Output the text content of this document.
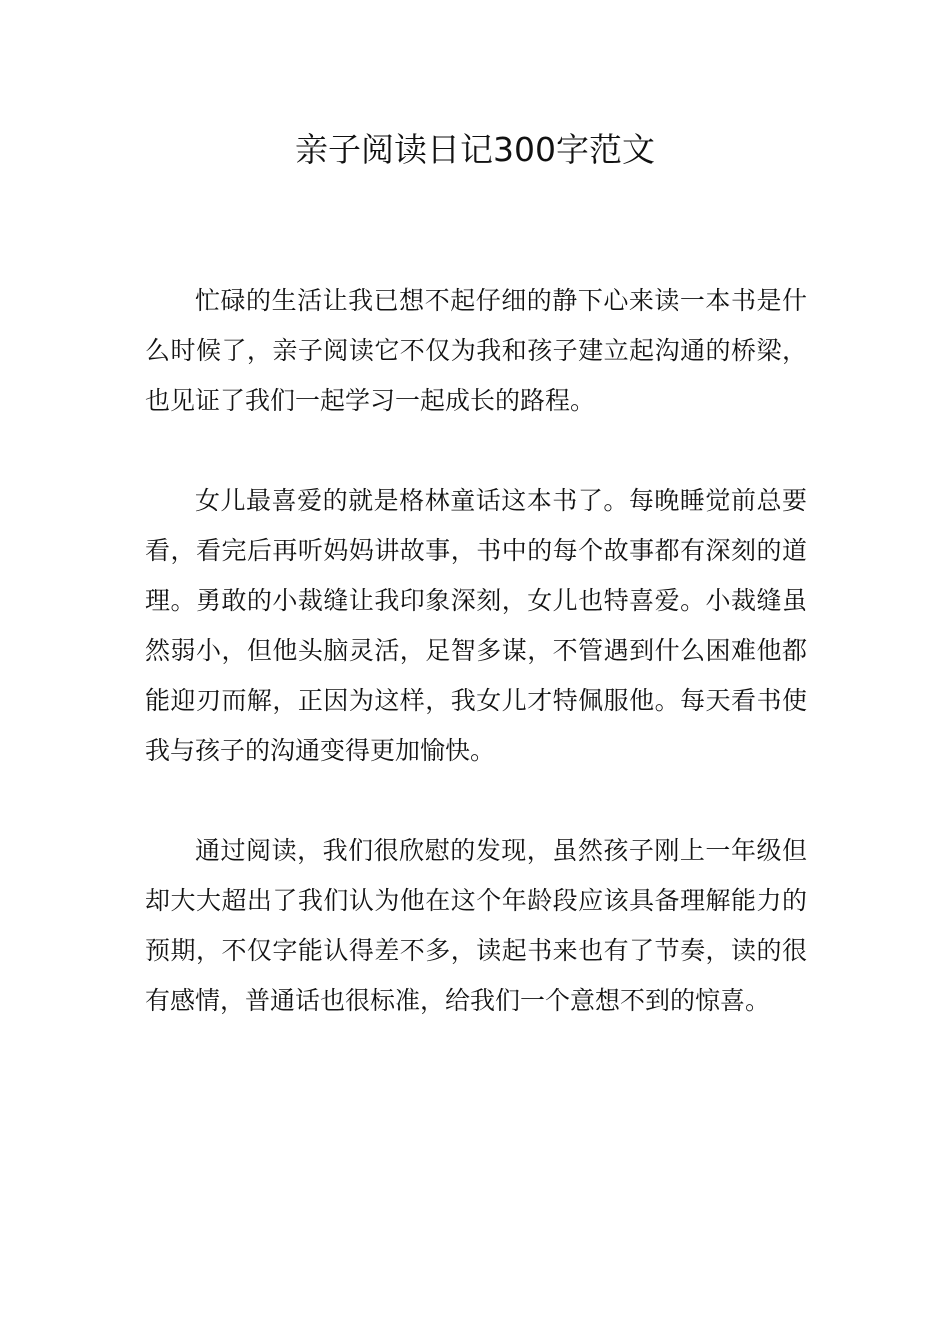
亲子阅读日记300字范文

忙碌的生活让我已想不起仔细的静下心来读一本书是什么时候了，亲子阅读它不仅为我和孩子建立起沟通的桥梁，也见证了我们一起学习一起成长的路程。

女儿最喜爱的就是格林童话这本书了。每晚睡觉前总要看，看完后再听妈妈讲故事，书中的每个故事都有深刻的道理。勇敢的小裁缝让我印象深刻，女儿也特喜爱。小裁缝虽然弱小，但他头脑灵活，足智多谋，不管遇到什么困难他都能迎刃而解，正因为这样，我女儿才特佩服他。每天看书使我与孩子的沟通变得更加愉快。

通过阅读，我们很欣慰的发现，虽然孩子刚上一年级但却大大超出了我们认为他在这个年龄段应该具备理解能力的预期，不仅字能认得差不多，读起书来也有了节奏，读的很有感情，普通话也很标准，给我们一个意想不到的惊喜。
